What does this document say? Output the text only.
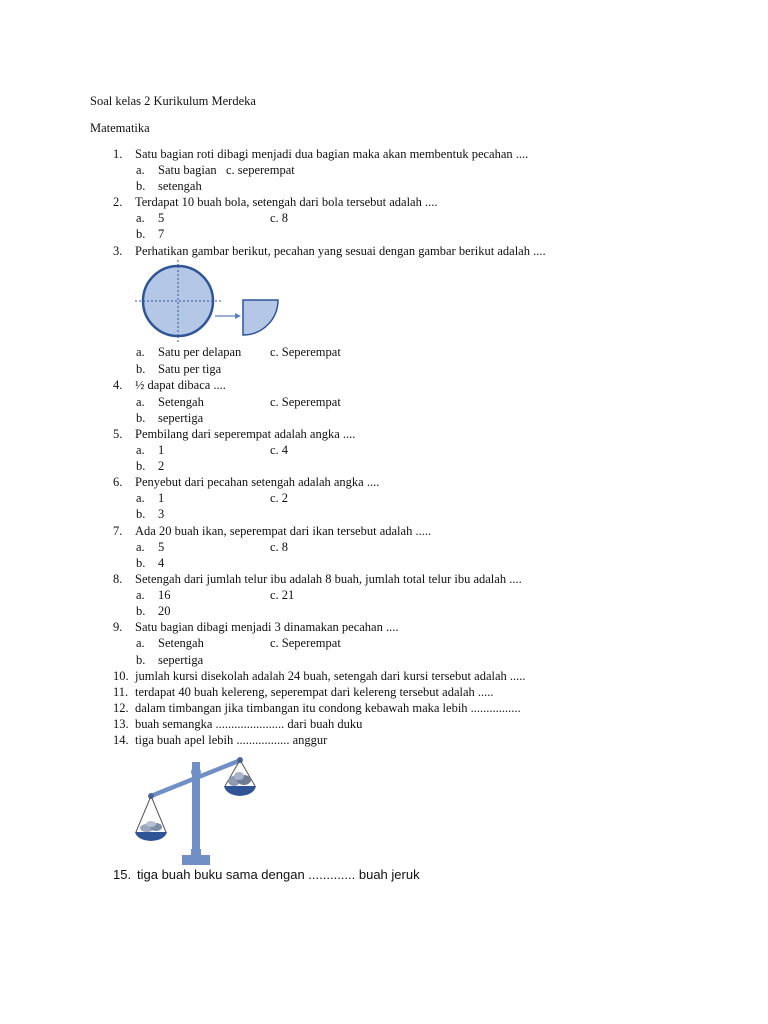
Soal kelas 2 Kurikulum Merdeka
Matematika
1. Satu bagian roti dibagi menjadi dua bagian maka akan membentuk pecahan ....
a. Satu bagian c. seperempat
b. setengah
2. Terdapat 10 buah bola, setengah dari bola tersebut adalah ....
a. 5	c. 8
b. 7
3. Perhatikan gambar berikut, pecahan yang sesuai dengan gambar berikut adalah ....
a. Satu per delapan c. Seperempat
b. Satu per tiga
4. ½ dapat dibaca ....
a. Setengah	c. Seperempat
b. sepertiga
5. Pembilang dari seperempat adalah angka ....
a. 1	c. 4
b. 2
6. Penyebut dari pecahan setengah adalah angka ....
a. 1	c. 2
b. 3
7. Ada 20 buah ikan, seperempat dari ikan tersebut adalah .....
a. 5	c. 8
b. 4
8. Setengah dari jumlah telur ibu adalah 8 buah, jumlah total telur ibu adalah ....
a. 16	c. 21
b. 20
9. Satu bagian dibagi menjadi 3 dinamakan pecahan ....
a. Setengah	c. Seperempat
b. sepertiga
10. jumlah kursi disekolah adalah 24 buah, setengah dari kursi tersebut adalah .....
11. terdapat 40 buah kelereng, seperempat dari kelereng tersebut adalah .....
12. dalam timbangan jika timbangan itu condong kebawah maka lebih ................
13. buah semangka ...................... dari buah duku
14. tiga buah apel lebih ................. anggur
15. tiga buah buku sama dengan ............. buah jeruk
